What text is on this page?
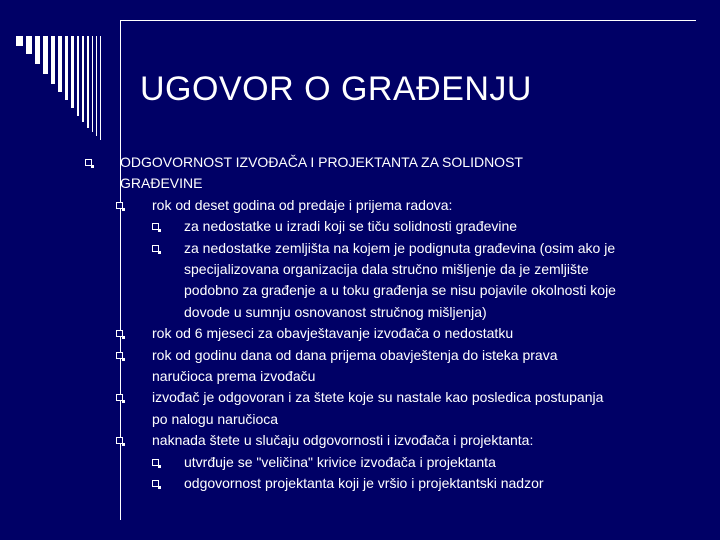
UGOVOR O GRAĐENJU
ODGOVORNOST IZVOĐAČA I PROJEKTANTA ZA SOLIDNOST
GRAĐEVINE
rok od deset godina od predaje i prijema radova:
za nedostatke u izradi koji se tiču solidnosti građevine
za nedostatke zemljišta na kojem je podignuta građevina (osim ako je
specijalizovana organizacija dala stručno mišljenje da je zemljište
podobno za građenje a u toku građenja se nisu pojavile okolnosti koje
dovode u sumnju osnovanost stručnog mišljenja)
rok od 6 mjeseci za obavještavanje izvođača o nedostatku
rok od godinu dana od dana prijema obavještenja do isteka prava
naručioca prema izvođaču
izvođač je odgovoran i za štete koje su nastale kao posledica postupanja
po nalogu naručioca
naknada štete u slučaju odgovornosti i izvođača i projektanta:
utvrđuje se "veličina" krivice izvođača i projektanta
odgovornost projektanta koji je vršio i projektantski nadzor
